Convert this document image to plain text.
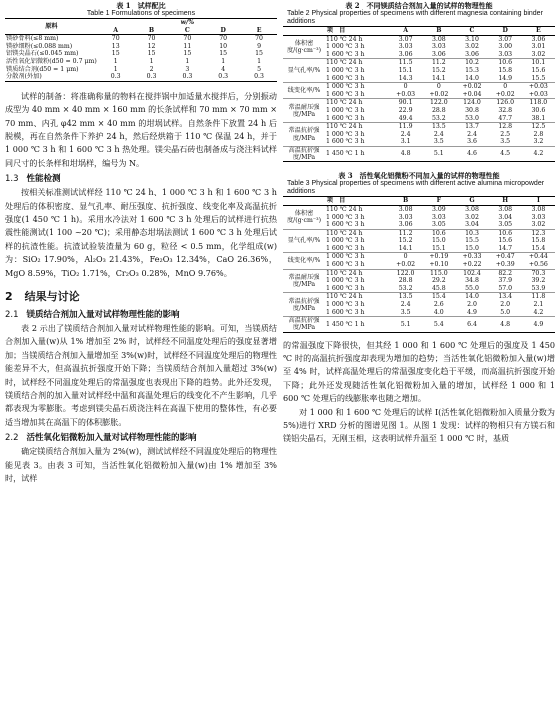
表 1　试样配比
Table 1 Formulations of specimens
原料	w/%				
	A	B	C	D	E
镁砂骨料(≤8 mm)	70	70	70	70	70
镁砂细粉(≤0.088 mm)	13	12	11	10	9
铝镁尖晶石(≤0.045 mm)	15	15	15	15	15
活性氧化铝微粉(d50 = 0.7 μm)	1	1	1	1	1
镁质结合剂(d50 = 1 μm)	1	2	3	4	5
分散剂(外加)	0.3	0.3	0.3	0.3	0.3

试样的制备：将准确称量的物料在搅拌锅中加适量水搅拌后，分别振动成型为 40 mm × 40 mm × 160 mm 的长条试样和 70 mm × 70 mm × 70 mm、内孔 φ42 mm × 40 mm 的坩埚试样。自然条件下放置 24 h 后脱模，再在自然条件下养护 24 h，然后经烘箱于 110 ℃ 保温 24 h，并于 1 000 ℃ 3 h 和 1 600 ℃ 3 h 热处理。镁尖晶石砖也制备成与浇注料试样同尺寸的长条样和坩埚样，编号为 N。

1.3 性能检测

按相关标准测试试样经 110 ℃ 24 h、1 000 ℃ 3 h 和 1 600 ℃ 3 h 处理后的体积密度、显气孔率、耐压强度、抗折强度、线变化率及高温抗折强度(1 450 ℃ 1 h)。采用水冷法对 1 600 ℃ 3 h 处理后的试样进行抗热震性能测试(1 100 ~20 ℃)；采用静态坩埚法测试 1 600 ℃ 3 h 处理后试样的抗渣性能。抗渣试验装渣量为 60 g，粒径 < 0.5 mm，化学组成(w) 为：SiO₂ 17.90%，Al₂O₃ 21.43%，Fe₂O₃ 12.34%，CaO 26.36%，MgO 8.59%，TiO₂ 1.71%，Cr₂O₃ 0.28%，MnO 9.76%。

2 结果与讨论
2.1 镁质结合剂加入量对试样物理性能的影响

表 2 示出了镁质结合剂加入量对试样物理性能的影响。可知，当镁质结合剂加入量(w)从 1% 增加至 2% 时，试样经不同温度处理后的强度显著增加；当镁质结合剂加入量增加至 3%(w)时，试样经不同温度处理后的物理性能差异不大，但高温抗折强度开始下降；当镁质结合剂加入量超过 3%(w)时，试样经不同温度处理后的常温强度也表现出下降的趋势。此外还发现，镁质结合剂的加入量对试样经中温和高温处理后的线变化不产生影响，几乎都表现为零膨胀。考虑到镁尖晶石质浇注料在高温下使用的整体性，有必要适当增加其在高温下的体积膨胀。

2.2 活性氧化铝微粉加入量对试样物理性能的影响

确定镁质结合剂加入量为 2%(w)，测试试样经不同温度处理后的物理性能见表 3。由表 3 可知，当活性氧化铝微粉加入量(w)由 1% 增加至 3% 时，试样

表 2　不同镁质结合剂加入量的试样的物理性能
Table 2 Physical properties of specimens with different magnesia containing binder additions
项　目		A	B	C	D	E
体积密度/(g·cm⁻³)	110 ℃ 24 h	3.07	3.08	3.10	3.07	3.06
	1 000 ℃ 3 h	3.03	3.03	3.02	3.00	3.01
	1 600 ℃ 3 h	3.06	3.06	3.06	3.03	3.02
显气孔率/%	110 ℃ 24 h	11.5	11.2	10.2	10.6	10.1
	1 000 ℃ 3 h	15.1	15.2	15.3	15.8	15.6
	1 600 ℃ 3 h	14.3	14.1	14.0	14.9	15.5
线变化率/%	1 000 ℃ 3 h	0	0	+0.02	0	+0.03
	1 600 ℃ 3 h	+0.03	+0.02	+0.04	+0.02	+0.03
常温耐压强度/MPa	110 ℃ 24 h	90.1	122.0	124.0	126.0	118.0
	1 000 ℃ 3 h	22.9	28.8	30.8	32.8	30.6
	1 600 ℃ 3 h	49.4	53.2	53.0	47.7	38.1
常温抗折强度/MPa	110 ℃ 24 h	11.9	13.5	13.7	12.8	12.5
	1 000 ℃ 3 h	2.4	2.4	2.4	2.5	2.8
	1 600 ℃ 3 h	3.1	3.5	3.6	3.5	3.2
高温抗折强度/MPa	1 450 ℃ 1 h	4.8	5.1	4.6	4.5	4.2
表 3　活性氧化铝微粉不同加入量的试样的物理性能
Table 3 Physical properties of specimens with different active alumina micropowder additions
项　目		B	F	G	H	I
体积密度/(g·cm⁻³)	110 ℃ 24 h	3.08	3.09	3.08	3.08	3.08
	1 000 ℃ 3 h	3.03	3.03	3.02	3.04	3.03
	1 600 ℃ 3 h	3.06	3.05	3.04	3.05	3.02
显气孔率/%	110 ℃ 24 h	11.2	10.6	10.3	10.6	12.3
	1 000 ℃ 3 h	15.2	15.0	15.5	15.6	15.8
	1 600 ℃ 3 h	14.1	15.1	15.0	14.7	15.4
线变化率/%	1 000 ℃ 3 h	0	+0.19	+0.33	+0.47	+0.44
	1 600 ℃ 3 h	+0.02	+0.10	+0.22	+0.39	+0.56
常温耐压强度/MPa	110 ℃ 24 h	122.0	115.0	102.4	82.2	70.3
	1 000 ℃ 3 h	28.8	29.2	34.8	37.9	39.2
	1 600 ℃ 3 h	53.2	45.8	55.0	57.0	53.9
常温抗折强度/MPa	110 ℃ 24 h	13.5	15.4	14.0	13.4	11.8
	1 000 ℃ 3 h	2.4	2.6	2.0	2.0	2.1
	1 600 ℃ 3 h	3.5	4.0	4.9	5.0	4.2
高温抗折强度/MPa	1 450 ℃ 1 h	5.1	5.4	6.4	4.8	4.9

的常温强度下降很快，但其经 1 000 和 1 600 ℃ 处理后的强度及 1 450 ℃ 时的高温抗折强度却表现为增加的趋势；当活性氧化铝微粉加入量(w)增至 4% 时，试样高温处理后的常温强度变化趋于平缓，而高温抗折强度开始下降；此外还发现随活性氧化铝微粉加入量的增加，试样经 1 000 和 1 600 ℃ 处理后的线膨胀率也随之增加。

对 1 000 和 1 600 ℃ 处理后的试样 I(活性氧化铝微粉加入质量分数为 5%)进行 XRD 分析的图谱见图 1。从图 1 发现：试样的物相只有方镁石和镁铝尖晶石，无刚玉相，这表明试样升温至 1 000 ℃ 时，基质
